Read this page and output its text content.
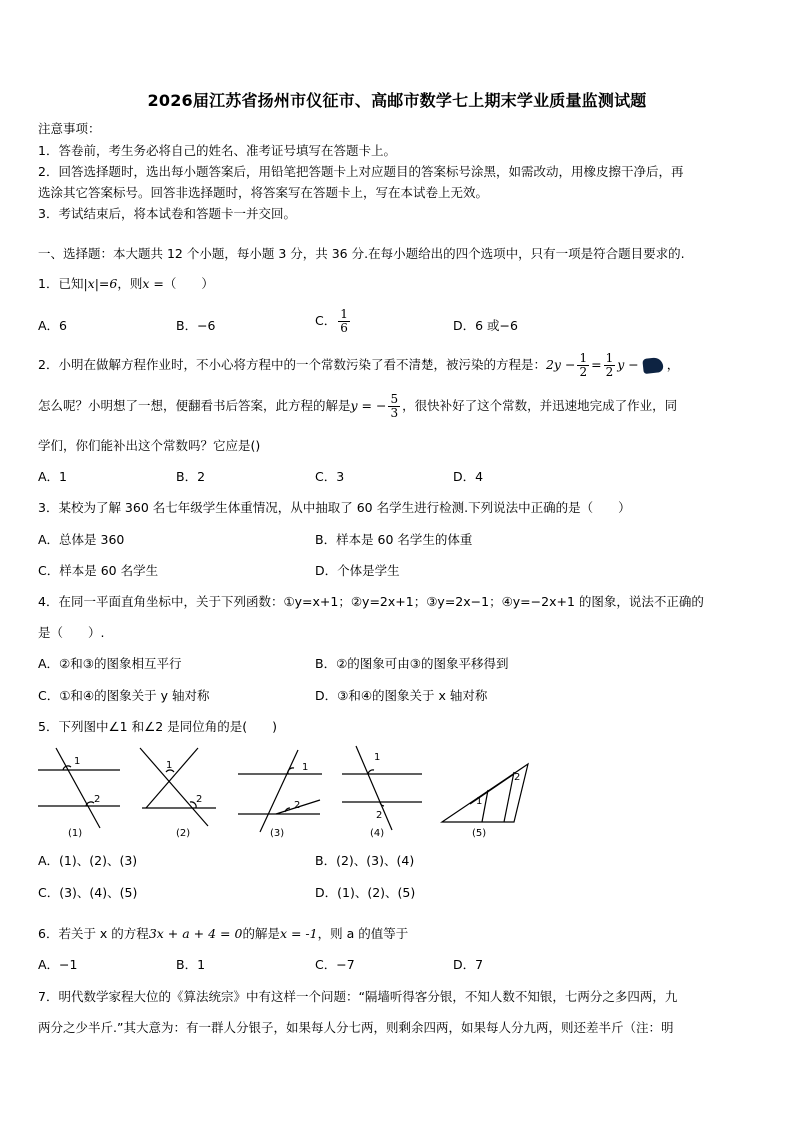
2026届江苏省扬州市仪征市、高邮市数学七上期末学业质量监测试题
注意事项：
1．答卷前，考生务必将自己的姓名、准考证号填写在答题卡上。
2．回答选择题时，选出每小题答案后，用铅笔把答题卡上对应题目的答案标号涂黑，如需改动，用橡皮擦干净后，再
选涂其它答案标号。回答非选择题时，将答案写在答题卡上，写在本试卷上无效。
3．考试结束后，将本试卷和答题卡一并交回。
一、选择题：本大题共 12 个小题，每小题 3 分，共 36 分.在每小题给出的四个选项中，只有一项是符合题目要求的.
1．已知|x|=6，则x =（　　）
A．6	B．−6	C． $\frac{1}{6}$	D．6 或−6
2．小明在做解方程作业时，不小心将方程中的一个常数污染了看不清楚，被污染的方程是：$2y - \frac{1}{2} = \frac{1}{2}$ y − ，
怎么呢？小明想了一想，便翻看书后答案，此方程的解是y = − $\frac{5}{3}$ ，很快补好了这个常数，并迅速地完成了作业，同
学们，你们能补出这个常数吗？它应是()
A．1	B．2	C．3	D．4
3．某校为了解 360 名七年级学生体重情况，从中抽取了 60 名学生进行检测.下列说法中正确的是（　　）
A．总体是 360	B．样本是 60 名学生的体重
C．样本是 60 名学生	D．个体是学生
4．在同一平面直角坐标中，关于下列函数：①y=x+1；②y=2x+1；③y=2x−1；④y=−2x+1 的图象，说法不正确的
是（　　）.
A．②和③的图象相互平行	B．②的图象可由③的图象平移得到
C．①和④的图象关于 y 轴对称	D．③和④的图象关于 x 轴对称
5．下列图中∠1 和∠2 是同位角的是(　　)
1
2
1
2
1
2
1
2
1
2
(1)	(2)	(3)	(4)	(5)
A．(1)、(2)、(3)	B．(2)、(3)、(4)
C．(3)、(4)、(5)	D．(1)、(2)、(5)
6．若关于 x 的方程3x + a + 4 = 0的解是x = -1，则 a 的值等于
A．−1	B．1	C．−7	D．7
7．明代数学家程大位的《算法统宗》中有这样一个问题：“隔墙听得客分银，不知人数不知银，七两分之多四两，九
两分之少半斤.”其大意为：有一群人分银子，如果每人分七两，则剩余四两，如果每人分九两，则还差半斤（注：明
